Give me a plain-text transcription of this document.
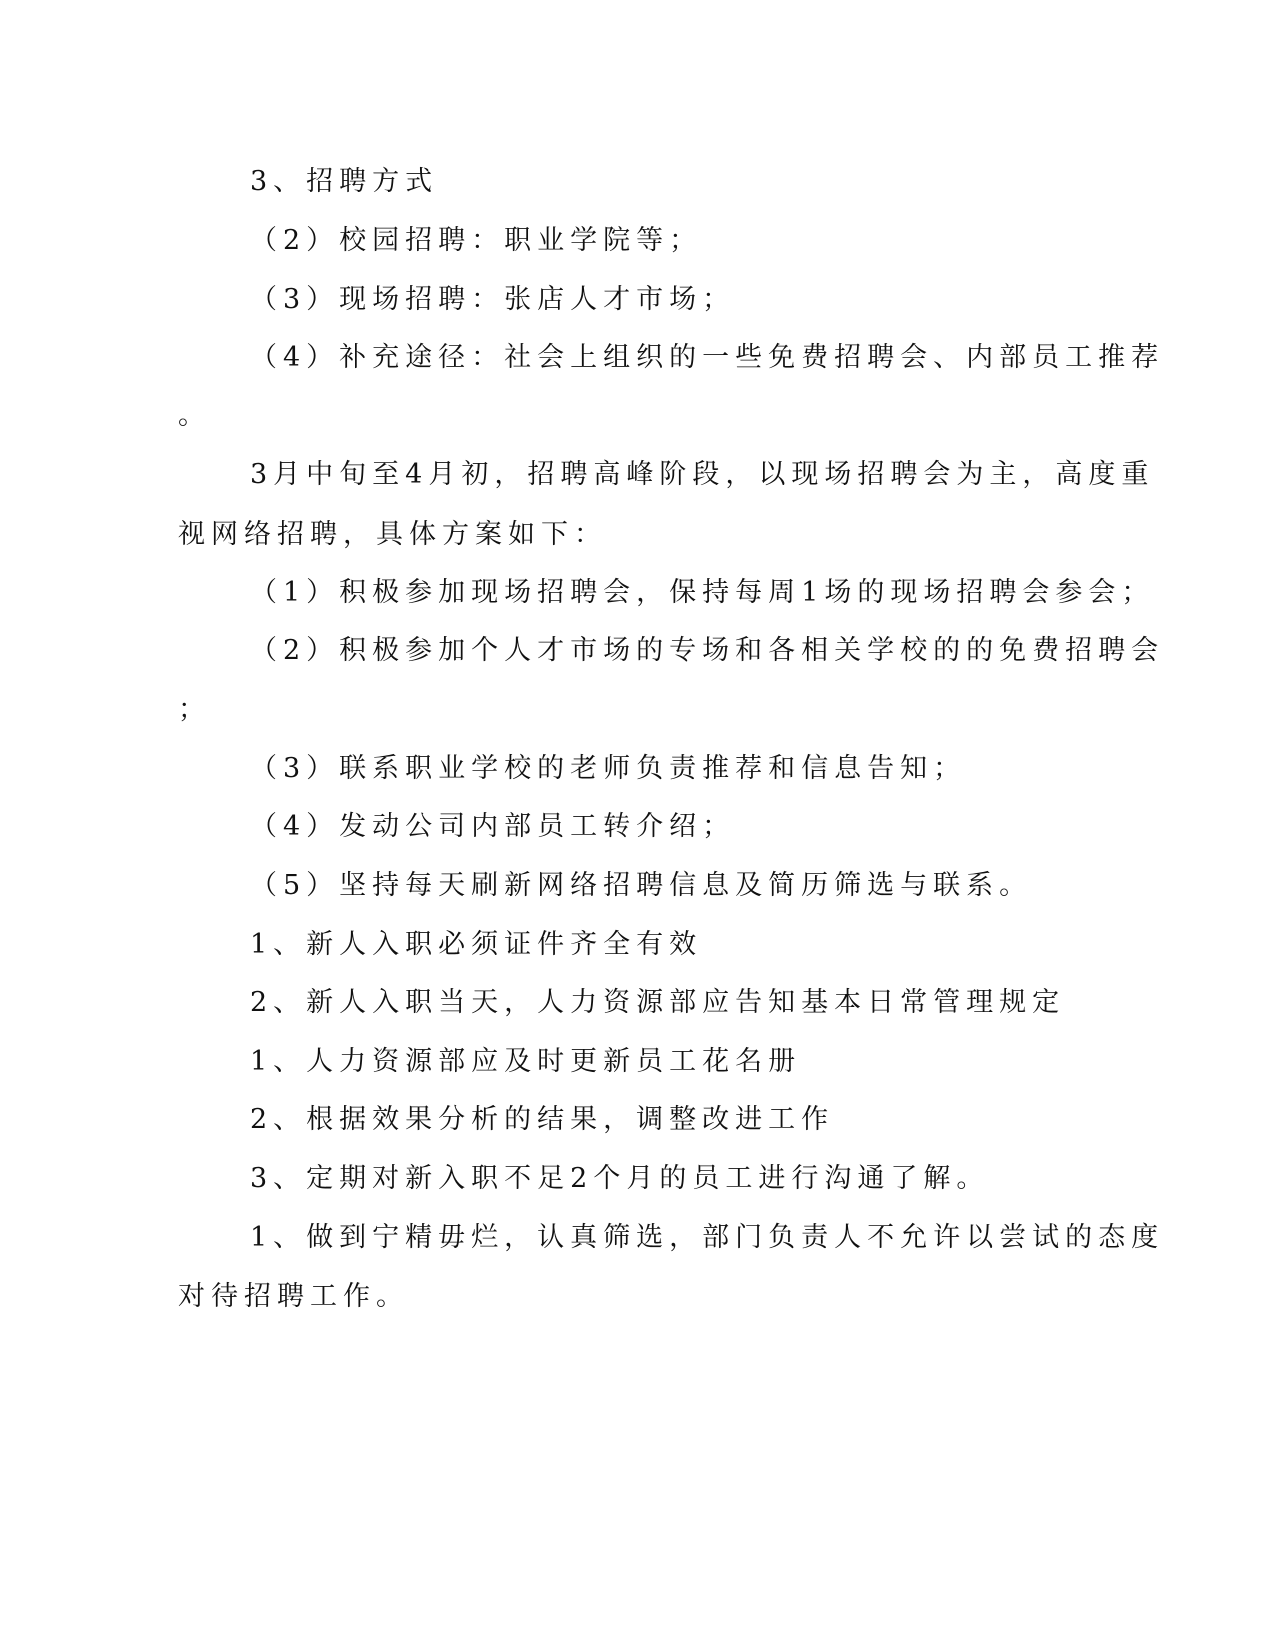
3、招聘方式
（2）校园招聘：职业学院等；
（3）现场招聘：张店人才市场；
（4）补充途径：社会上组织的一些免费招聘会、内部员工推荐
。
3月中旬至4月初，招聘高峰阶段，以现场招聘会为主，高度重
视网络招聘，具体方案如下：
（1）积极参加现场招聘会，保持每周1场的现场招聘会参会；
（2）积极参加个人才市场的专场和各相关学校的的免费招聘会
；
（3）联系职业学校的老师负责推荐和信息告知；
（4）发动公司内部员工转介绍；
（5）坚持每天刷新网络招聘信息及简历筛选与联系。
1、新人入职必须证件齐全有效
2、新人入职当天，人力资源部应告知基本日常管理规定
1、人力资源部应及时更新员工花名册
2、根据效果分析的结果，调整改进工作
3、定期对新入职不足2个月的员工进行沟通了解。
1、做到宁精毋烂，认真筛选，部门负责人不允许以尝试的态度
对待招聘工作。
